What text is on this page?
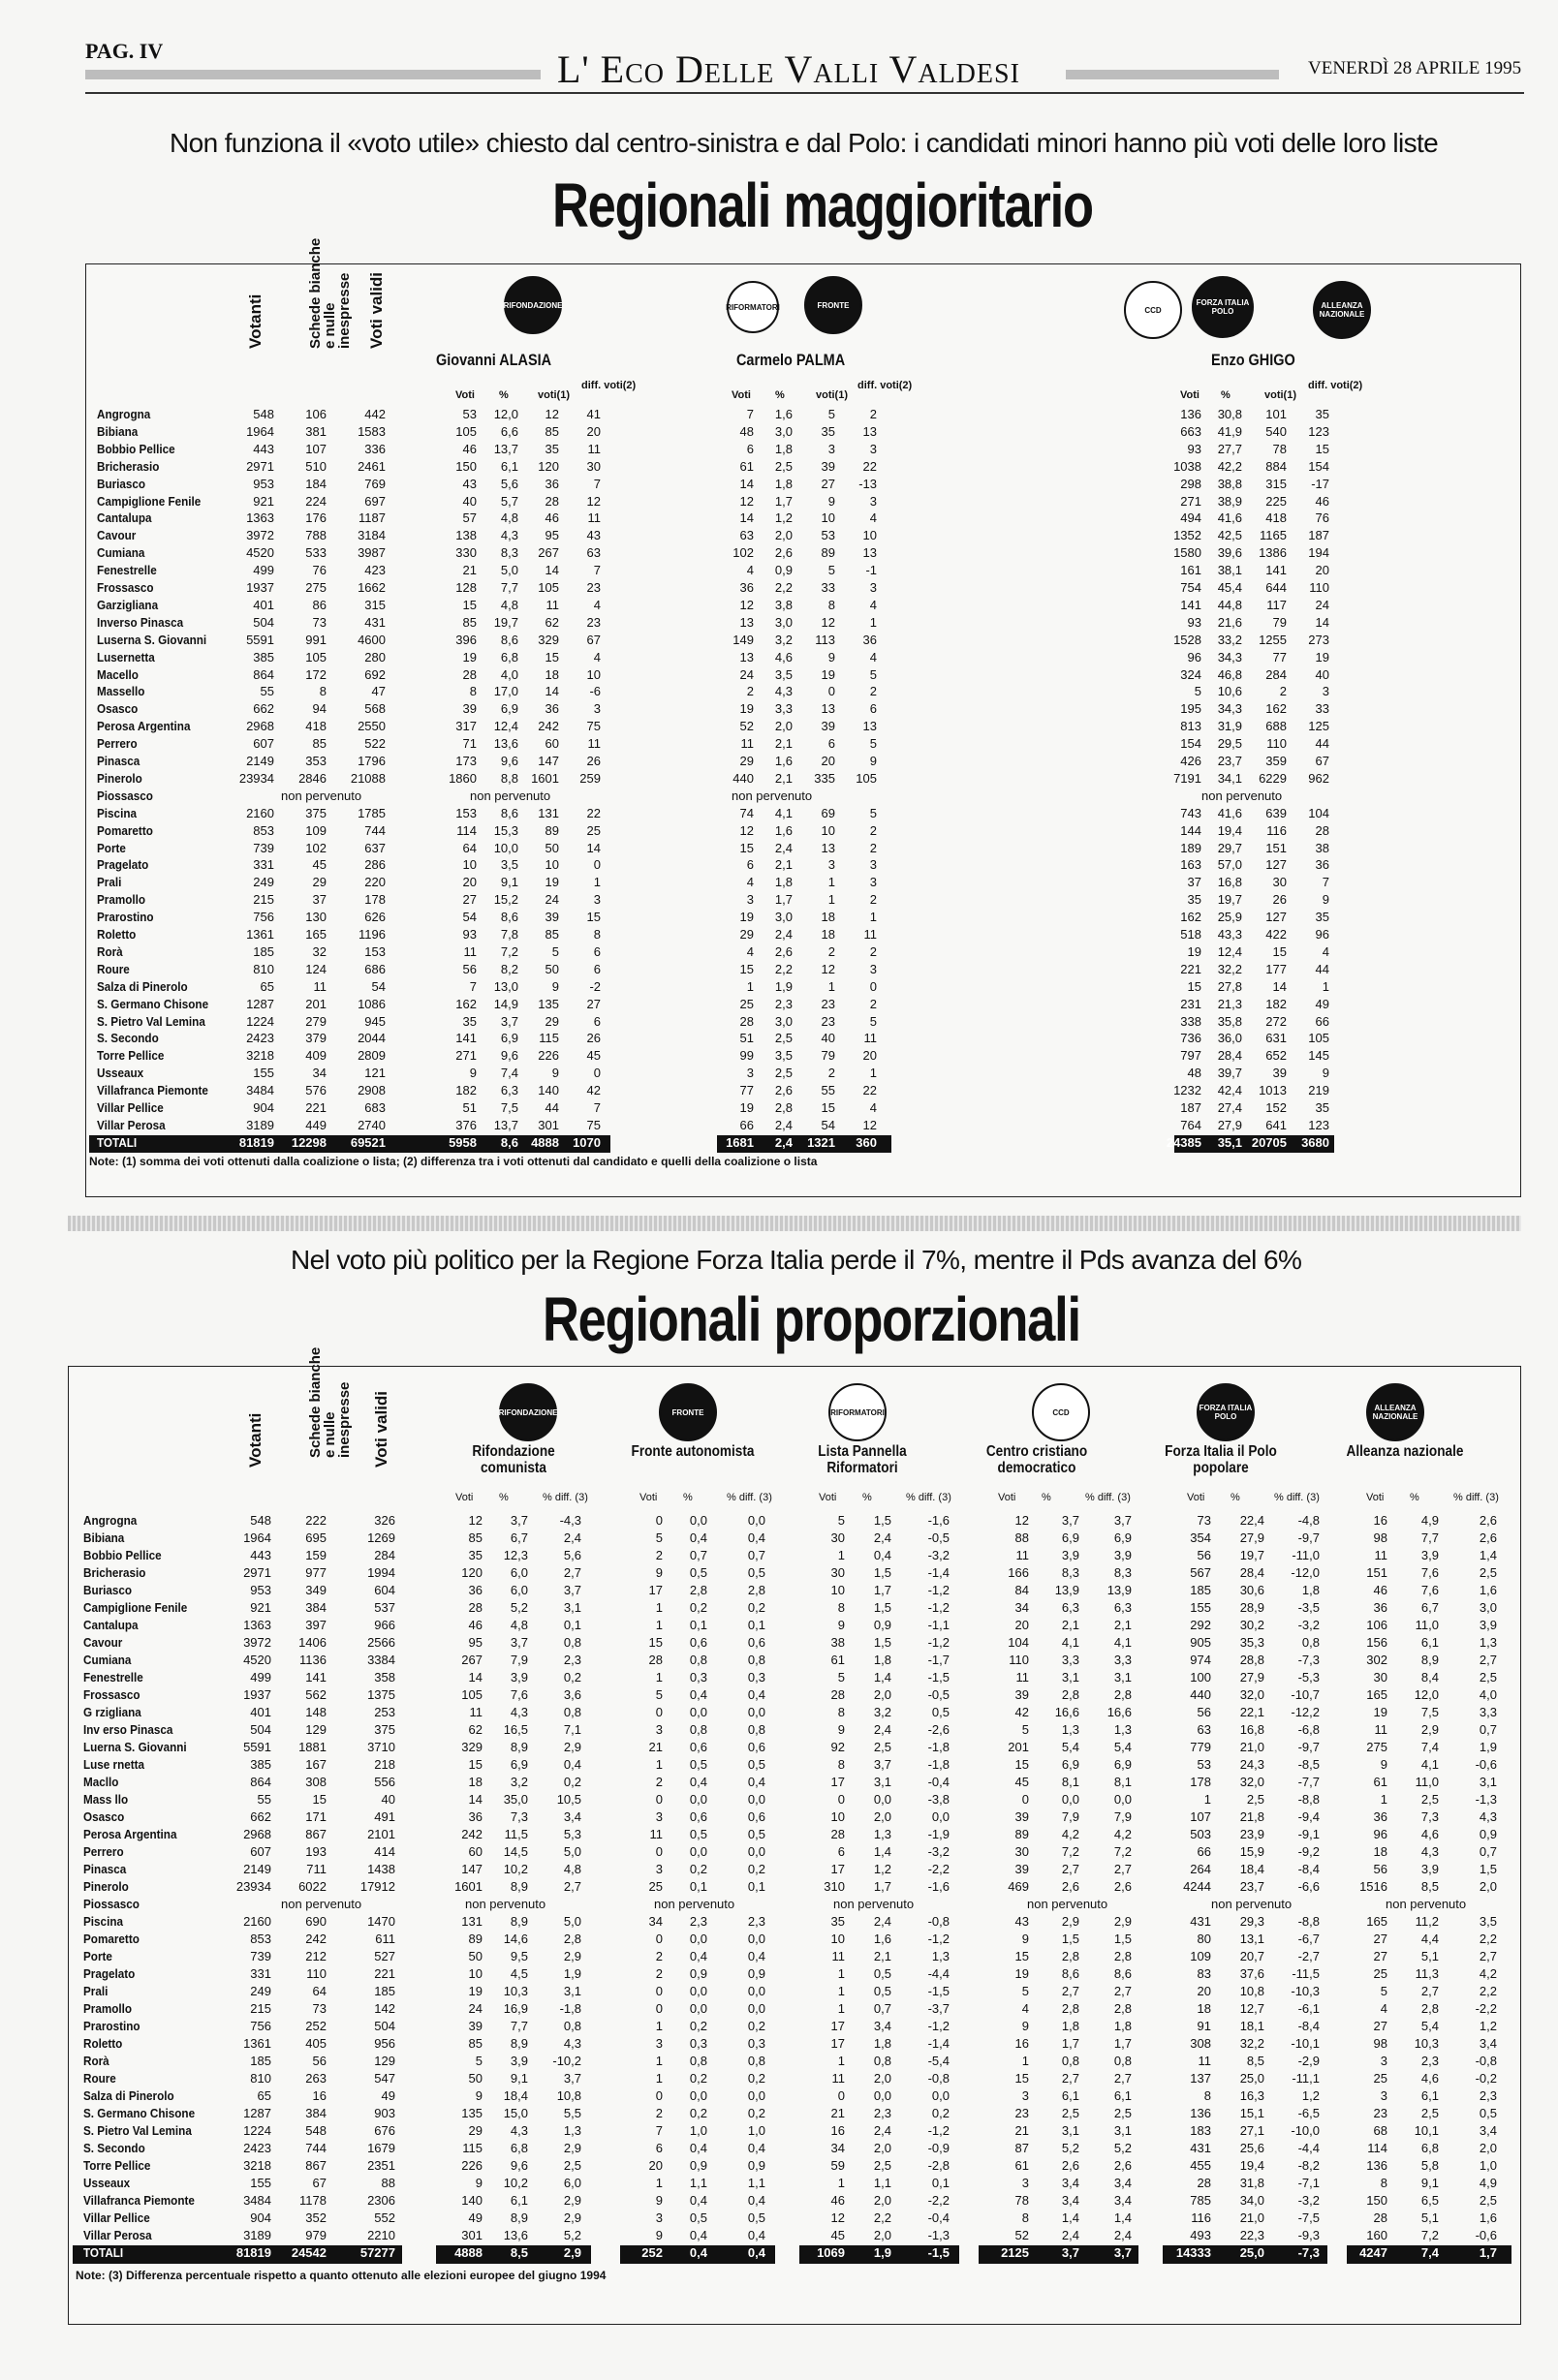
PAG. IV	L' Eco Delle Valli Valdesi	VENERDÌ 28 APRILE 1995
Non funziona il «voto utile» chiesto dal centro-sinistra e dal Polo: i candidati minori hanno più voti delle loro liste
Regionali maggioritario
Nel voto più politico per la Regione Forza Italia perde il 7%, mentre il Pds avanza del 6%
Regionali proporzionali
Votanti	Schede bianche e nulle inespresse Voti validi	RIFONDAZIONE	RIFORMATORI	FRONTE
CCD
FORZA ITALIA POLO
ALLEANZA NAZIONALE
Giovanni ALASIA	Carmelo PALMA	Enzo GHIGO
Voti %	voti(1)
diff. voti(2)
Voti %	voti(1)
diff. voti(2)
Voti %	voti(1)
diff. voti(2)
Angrogna	548	106	442	53	12,0	12	41	7	1,6	5	2	136	30,8	101	35
Bibiana	1964	381	1583	105	6,6	85	20	48	3,0	35	13	663	41,9	540	123
Bobbio Pellice	443	107	336	46	13,7	35	11	6	1,8	3	3	93	27,7	78	15
Bricherasio	2971	510	2461	150	6,1	120	30	61	2,5	39	22	1038	42,2	884	154
Buriasco	953	184	769	43	5,6	36	7	14	1,8	27	-13	298	38,8	315	-17
Campiglione Fenile	921	224	697	40	5,7	28	12	12	1,7	9	3	271	38,9	225	46
Cantalupa	1363	176	1187	57	4,8	46	11	14	1,2	10	4	494	41,6	418	76
Cavour	3972	788	3184	138	4,3	95	43	63	2,0	53	10	1352	42,5	1165	187
Cumiana	4520	533	3987	330	8,3	267	63	102	2,6	89	13	1580	39,6	1386	194
Fenestrelle	499	76	423	21	5,0	14	7	4	0,9	5	-1	161	38,1	141	20
Frossasco	1937	275	1662	128	7,7	105	23	36	2,2	33	3	754	45,4	644	110
Garzigliana	401	86	315	15	4,8	11	4	12	3,8	8	4	141	44,8	117	24
Inverso Pinasca	504	73	431	85	19,7	62	23	13	3,0	12	1	93	21,6	79	14
Luserna S. Giovanni	5591	991	4600	396	8,6	329	67	149	3,2	113	36	1528	33,2	1255	273
Lusernetta	385	105	280	19	6,8	15	4	13	4,6	9	4	96	34,3	77	19
Macello	864	172	692	28	4,0	18	10	24	3,5	19	5	324	46,8	284	40
Massello	55	8	47	8	17,0	14	-6	2	4,3	0	2	5	10,6	2	3
Osasco	662	94	568	39	6,9	36	3	19	3,3	13	6	195	34,3	162	33
Perosa Argentina	2968	418	2550	317	12,4	242	75	52	2,0	39	13	813	31,9	688	125
Perrero	607	85	522	71	13,6	60	11	11	2,1	6	5	154	29,5	110	44
Pinasca	2149	353	1796	173	9,6	147	26	29	1,6	20	9	426	23,7	359	67
Pinerolo	23934	2846	21088	1860	8,8	1601	259	440	2,1	335	105	7191	34,1	6229	962
Piossasco	non pervenuto	non pervenuto	non pervenuto	non pervenuto
Piscina	2160	375	1785	153	8,6	131	22	74	4,1	69	5	743	41,6	639	104
Pomaretto	853	109	744	114	15,3	89	25	12	1,6	10	2	144	19,4	116	28
Porte	739	102	637	64	10,0	50	14	15	2,4	13	2	189	29,7	151	38
Pragelato	331	45	286	10	3,5	10	0	6	2,1	3	3	163	57,0	127	36
Prali	249	29	220	20	9,1	19	1	4	1,8	1	3	37	16,8	30	7
Pramollo	215	37	178	27	15,2	24	3	3	1,7	1	2	35	19,7	26	9
Prarostino	756	130	626	54	8,6	39	15	19	3,0	18	1	162	25,9	127	35
Roletto	1361	165	1196	93	7,8	85	8	29	2,4	18	11	518	43,3	422	96
Rorà	185	32	153	11	7,2	5	6	4	2,6	2	2	19	12,4	15	4
Roure	810	124	686	56	8,2	50	6	15	2,2	12	3	221	32,2	177	44
Salza di Pinerolo	65	11	54	7	13,0	9	-2	1	1,9	1	0	15	27,8	14	1
S. Germano Chisone	1287	201	1086	162	14,9	135	27	25	2,3	23	2	231	21,3	182	49
S. Pietro Val Lemina	1224	279	945	35	3,7	29	6	28	3,0	23	5	338	35,8	272	66
S. Secondo	2423	379	2044	141	6,9	115	26	51	2,5	40	11	736	36,0	631	105
Torre Pellice	3218	409	2809	271	9,6	226	45	99	3,5	79	20	797	28,4	652	145
Usseaux	155	34	121	9	7,4	9	0	3	2,5	2	1	48	39,7	39	9
Villafranca Piemonte	3484	576	2908	182	6,3	140	42	77	2,6	55	22	1232	42,4	1013	219
Villar Pellice	904	221	683	51	7,5	44	7	19	2,8	15	4	187	27,4	152	35
Villar Perosa	3189	449	2740	376	13,7	301	75	66	2,4	54	12	764	27,9	641	123
TOTALI	81819	12298	69521	5958	8,6	4888	1070	1681	2,4	1321	360	24385	35,1 20705	3680
Note: (1) somma dei voti ottenuti dalla coalizione o lista; (2) differenza tra i voti ottenuti dal candidato e quelli della coalizione o lista
Votanti	Schede bianche e nulle inespresse Voti validi	RIFONDAZIONE	FRONTE	RIFORMATORI	CCD	FORZA ITALIA POLO
ALLEANZA NAZIONALE
Rifondazione comunista
Fronte autonomista	Lista Pannella Riformatori
Centro cristiano democratico
Forza Italia il Polo popolare
Alleanza nazionale
Voti %	% diff. (3)	Voti %	% diff. (3)	Voti %	% diff. (3)	Voti %	% diff. (3)	Voti %	% diff. (3)	Voti %	% diff. (3)
Angrogna	548	222	326	12	3,7	-4,3	0	0,0	0,0	5	1,5	-1,6	12	3,7	3,7	73	22,4	-4,8	16	4,9	2,6
Bibiana	1964	695	1269	85	6,7	2,4	5	0,4	0,4	30	2,4	-0,5	88	6,9	6,9	354	27,9	-9,7	98	7,7	2,6
Bobbio Pellice	443	159	284	35	12,3	5,6	2	0,7	0,7	1	0,4	-3,2	11	3,9	3,9	56	19,7	-11,0	11	3,9	1,4
Bricherasio	2971	977	1994	120	6,0	2,7	9	0,5	0,5	30	1,5	-1,4	166	8,3	8,3	567	28,4	-12,0	151	7,6	2,5
Buriasco	953	349	604	36	6,0	3,7	17	2,8	2,8	10	1,7	-1,2	84	13,9	13,9	185	30,6	1,8	46	7,6	1,6
Campiglione Fenile	921	384	537	28	5,2	3,1	1	0,2	0,2	8	1,5	-1,2	34	6,3	6,3	155	28,9	-3,5	36	6,7	3,0
Cantalupa	1363	397	966	46	4,8	0,1	1	0,1	0,1	9	0,9	-1,1	20	2,1	2,1	292	30,2	-3,2	106	11,0	3,9
Cavour	3972	1406	2566	95	3,7	0,8	15	0,6	0,6	38	1,5	-1,2	104	4,1	4,1	905	35,3	0,8	156	6,1	1,3
Cumiana	4520	1136	3384	267	7,9	2,3	28	0,8	0,8	61	1,8	-1,7	110	3,3	3,3	974	28,8	-7,3	302	8,9	2,7
Fenestrelle	499	141	358	14	3,9	0,2	1	0,3	0,3	5	1,4	-1,5	11	3,1	3,1	100	27,9	-5,3	30	8,4	2,5
Frossasco	1937	562	1375	105	7,6	3,6	5	0,4	0,4	28	2,0	-0,5	39	2,8	2,8	440	32,0	-10,7	165	12,0	4,0
G rzigliana	401	148	253	11	4,3	0,8	0	0,0	0,0	8	3,2	0,5	42	16,6	16,6	56	22,1	-12,2	19	7,5	3,3
Inv erso Pinasca	504	129	375	62	16,5	7,1	3	0,8	0,8	9	2,4	-2,6	5	1,3	1,3	63	16,8	-6,8	11	2,9	0,7
Luerna S. Giovanni	5591	1881	3710	329	8,9	2,9	21	0,6	0,6	92	2,5	-1,8	201	5,4	5,4	779	21,0	-9,7	275	7,4	1,9
Luse rnetta	385	167	218	15	6,9	0,4	1	0,5	0,5	8	3,7	-1,8	15	6,9	6,9	53	24,3	-8,5	9	4,1	-0,6
Macllo	864	308	556	18	3,2	0,2	2	0,4	0,4	17	3,1	-0,4	45	8,1	8,1	178	32,0	-7,7	61	11,0	3,1
Mass llo	55	15	40	14	35,0	10,5	0	0,0	0,0	0	0,0	-3,8	0	0,0	0,0	1	2,5	-8,8	1	2,5	-1,3
Osasco	662	171	491	36	7,3	3,4	3	0,6	0,6	10	2,0	0,0	39	7,9	7,9	107	21,8	-9,4	36	7,3	4,3
Perosa Argentina	2968	867	2101	242	11,5	5,3	11	0,5	0,5	28	1,3	-1,9	89	4,2	4,2	503	23,9	-9,1	96	4,6	0,9
Perrero	607	193	414	60	14,5	5,0	0	0,0	0,0	6	1,4	-3,2	30	7,2	7,2	66	15,9	-9,2	18	4,3	0,7
Pinasca	2149	711	1438	147	10,2	4,8	3	0,2	0,2	17	1,2	-2,2	39	2,7	2,7	264	18,4	-8,4	56	3,9	1,5
Pinerolo	23934	6022	17912	1601	8,9	2,7	25	0,1	0,1	310	1,7	-1,6	469	2,6	2,6	4244	23,7	-6,6	1516	8,5	2,0
Piossasco	non pervenuto	non pervenuto	non pervenuto	non pervenuto	non pervenuto	non pervenuto	non pervenuto
Piscina	2160	690	1470	131	8,9	5,0	34	2,3	2,3	35	2,4	-0,8	43	2,9	2,9	431	29,3	-8,8	165	11,2	3,5
Pomaretto	853	242	611	89	14,6	2,8	0	0,0	0,0	10	1,6	-1,2	9	1,5	1,5	80	13,1	-6,7	27	4,4	2,2
Porte	739	212	527	50	9,5	2,9	2	0,4	0,4	11	2,1	1,3	15	2,8	2,8	109	20,7	-2,7	27	5,1	2,7
Pragelato	331	110	221	10	4,5	1,9	2	0,9	0,9	1	0,5	-4,4	19	8,6	8,6	83	37,6	-11,5	25	11,3	4,2
Prali	249	64	185	19	10,3	3,1	0	0,0	0,0	1	0,5	-1,5	5	2,7	2,7	20	10,8	-10,3	5	2,7	2,2
Pramollo	215	73	142	24	16,9	-1,8	0	0,0	0,0	1	0,7	-3,7	4	2,8	2,8	18	12,7	-6,1	4	2,8	-2,2
Prarostino	756	252	504	39	7,7	0,8	1	0,2	0,2	17	3,4	-1,2	9	1,8	1,8	91	18,1	-8,4	27	5,4	1,2
Roletto	1361	405	956	85	8,9	4,3	3	0,3	0,3	17	1,8	-1,4	16	1,7	1,7	308	32,2	-10,1	98	10,3	3,4
Rorà	185	56	129	5	3,9	-10,2	1	0,8	0,8	1	0,8	-5,4	1	0,8	0,8	11	8,5	-2,9	3	2,3	-0,8
Roure	810	263	547	50	9,1	3,7	1	0,2	0,2	11	2,0	-0,8	15	2,7	2,7	137	25,0	-11,1	25	4,6	-0,2
Salza di Pinerolo	65	16	49	9	18,4	10,8	0	0,0	0,0	0	0,0	0,0	3	6,1	6,1	8	16,3	1,2	3	6,1	2,3
S. Germano Chisone	1287	384	903	135	15,0	5,5	2	0,2	0,2	21	2,3	0,2	23	2,5	2,5	136	15,1	-6,5	23	2,5	0,5
S. Pietro Val Lemina	1224	548	676	29	4,3	1,3	7	1,0	1,0	16	2,4	-1,2	21	3,1	3,1	183	27,1	-10,0	68	10,1	3,4
S. Secondo	2423	744	1679	115	6,8	2,9	6	0,4	0,4	34	2,0	-0,9	87	5,2	5,2	431	25,6	-4,4	114	6,8	2,0
Torre Pellice	3218	867	2351	226	9,6	2,5	20	0,9	0,9	59	2,5	-2,8	61	2,6	2,6	455	19,4	-8,2	136	5,8	1,0
Usseaux	155	67	88	9	10,2	6,0	1	1,1	1,1	1	1,1	0,1	3	3,4	3,4	28	31,8	-7,1	8	9,1	4,9
Villafranca Piemonte	3484	1178	2306	140	6,1	2,9	9	0,4	0,4	46	2,0	-2,2	78	3,4	3,4	785	34,0	-3,2	150	6,5	2,5
Villar Pellice	904	352	552	49	8,9	2,9	3	0,5	0,5	12	2,2	-0,4	8	1,4	1,4	116	21,0	-7,5	28	5,1	1,6
Villar Perosa	3189	979	2210	301	13,6	5,2	9	0,4	0,4	45	2,0	-1,3	52	2,4	2,4	493	22,3	-9,3	160	7,2	-0,6
TOTALI	81819	24542	57277	4888	8,5	2,9	252	0,4	0,4	1069	1,9	-1,5	2125	3,7	3,7	14333	25,0	-7,3	4247	7,4	1,7
Note: (3) Differenza percentuale rispetto a quanto ottenuto alle elezioni europee del giugno 1994
